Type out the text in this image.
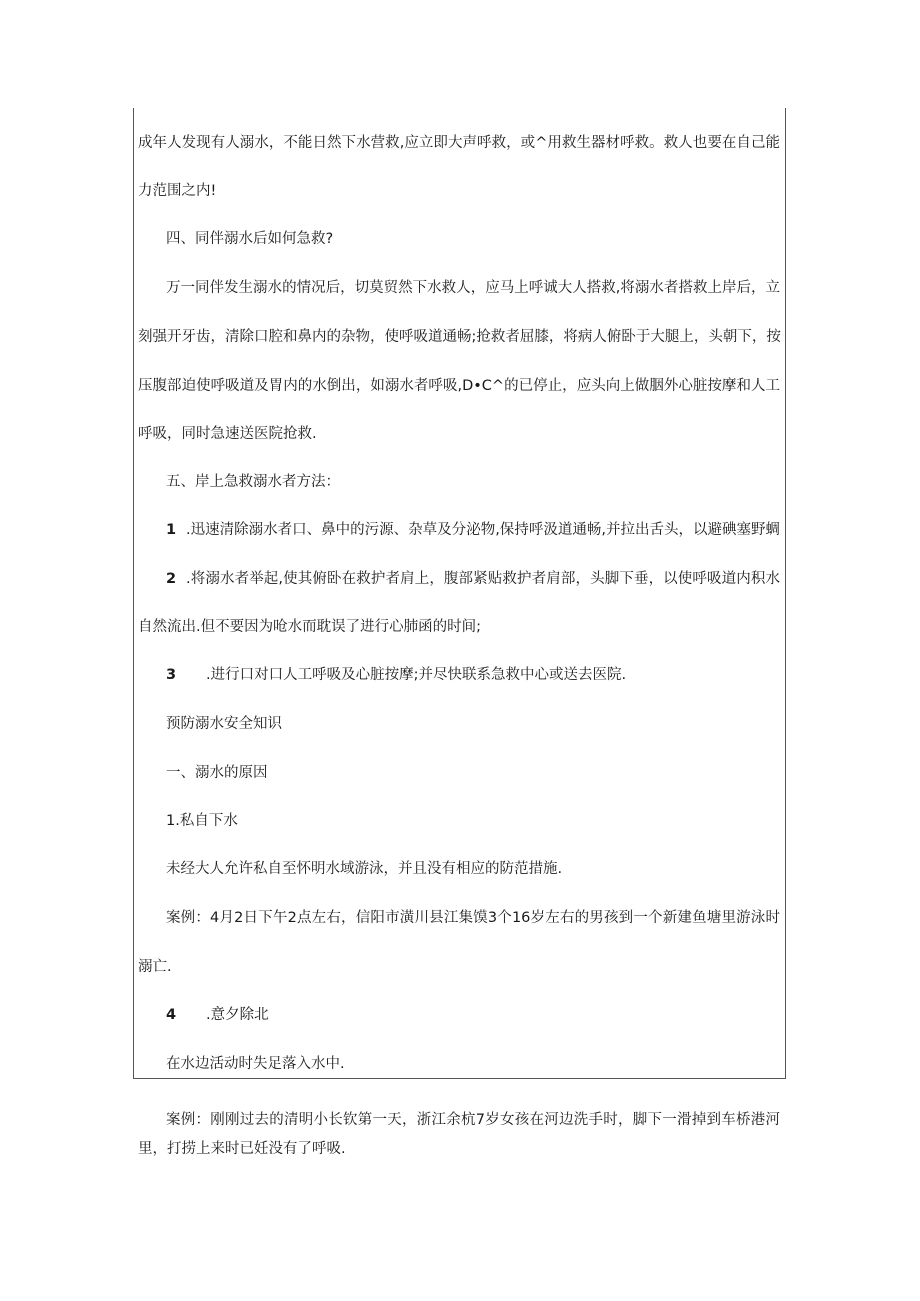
成年人发现有人溺水，不能日然下水营救,应立即大声呼救，或^用救生器材呼救。救人也要在自己能
力范围之内!
四、同伴溺水后如何急救?
万一同伴发生溺水的情况后，切莫贸然下水救人，应马上呼诚大人搭救,将溺水者搭救上岸后，立
刻强开牙齿，清除口腔和鼻内的杂物，使呼吸道通畅;抢救者屈膝，将病人俯卧于大腿上，头朝下，按
压腹部迫使呼吸道及胃内的水倒出，如溺水者呼吸,D•C^的已停止，应头向上做胭外心脏按摩和人工
呼吸，同时急速送医院抢救.
五、岸上急救溺水者方法：
1 .迅速清除溺水者口、鼻中的污源、杂草及分泌物,保持呼汲道通畅,并拉出舌头，以避碘塞野蜩
2 .将溺水者举起,使其俯卧在救护者肩上，腹部紧贴救护者肩部，头脚下垂，以使呼吸道内积水
自然流出.但不要因为呛水而耽误了进行心肺函的时间;
3 .进行口对口人工呼吸及心脏按摩;并尽快联系急救中心或送去医院.
预防溺水安全知识
一、溺水的原因
1.私自下水
未经大人允许私自至怀明水域游泳，并且没有相应的防范措施.
案例：4月2日下午2点左右，信阳市潢川县江集馍3个16岁左右的男孩到一个新建鱼塘里游泳时
溺亡.
4 .意夕除北
在水边活动时失足落入水中.
案例：刚刚过去的清明小长钦第一天，浙江余杭7岁女孩在河边洗手时，脚下一滑掉到车桥港河
里，打捞上来时已妊没有了呼吸.
